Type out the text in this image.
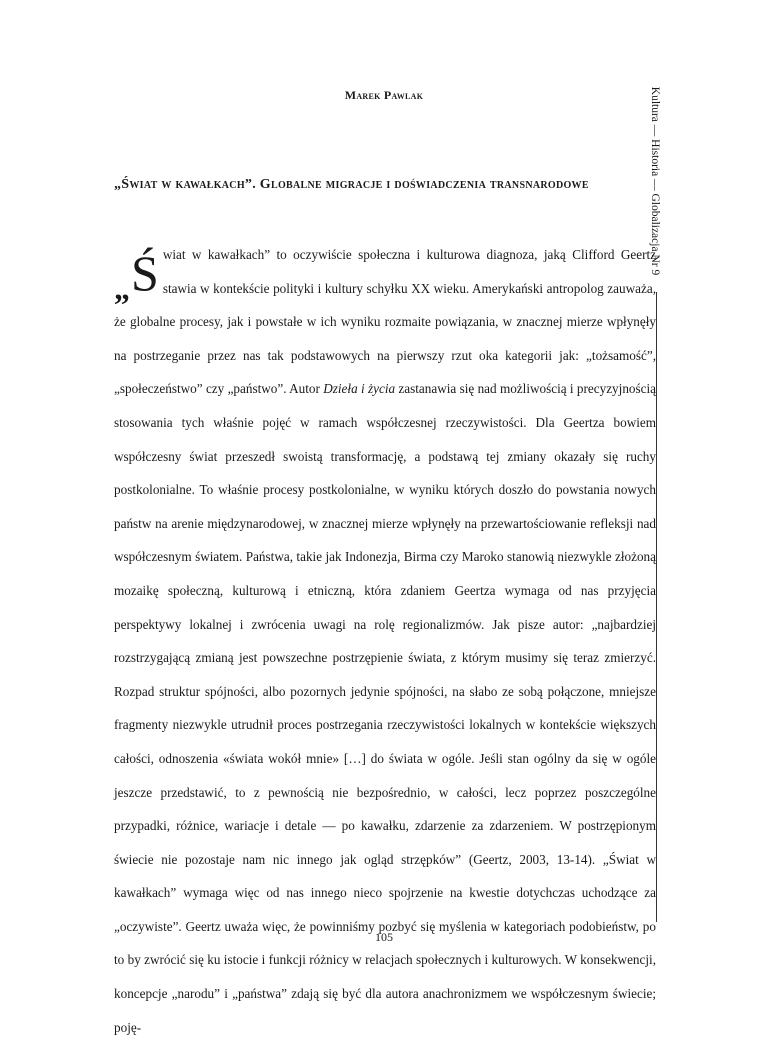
Marek Pawlak
„Świat w kawałkach”. Globalne migracje i doświadczenia transnarodowe
„ Ś wiat w kawałkach” to oczywiście społeczna i kulturowa diagnoza, jaką Clifford Geertz stawia w kontekście polityki i kultury schyłku XX wieku. Amerykański antropolog zauważa, że globalne procesy, jak i powstałe w ich wyniku rozmaite powiązania, w znacznej mierze wpłynęły na postrzeganie przez nas tak podstawowych na pierwszy rzut oka kategorii jak: „tożsamość”, „społeczeństwo” czy „państwo”. Autor Dzieła i życia zastanawia się nad możliwością i precyzyjnością stosowania tych właśnie pojęć w ramach współczesnej rzeczywistości. Dla Geertza bowiem współczesny świat przeszedł swoistą transformację, a podstawą tej zmiany okazały się ruchy postkolonialne. To właśnie procesy postkolonialne, w wyniku których doszło do powstania nowych państw na arenie międzynarodowej, w znacznej mierze wpłynęły na przewartościowanie refleksji nad współczesnym światem. Państwa, takie jak Indonezja, Birma czy Maroko stanowią niezwykle złożoną mozaikę społeczną, kulturową i etniczną, która zdaniem Geertza wymaga od nas przyjęcia perspektywy lokalnej i zwrócenia uwagi na rolę regionalizmów. Jak pisze autor: „najbardziej rozstrzygającą zmianą jest powszechne postrzępienie świata, z którym musimy się teraz zmierzyć. Rozpad struktur spójności, albo pozornych jedynie spójności, na słabo ze sobą połączone, mniejsze fragmenty niezwykle utrudnił proces postrzegania rzeczywistości lokalnych w kontekście większych całości, odnoszenia «świata wokół mnie» […] do świata w ogóle. Jeśli stan ogólny da się w ogóle jeszcze przedstawić, to z pewnością nie bezpośrednio, w całości, lecz poprzez poszczególne przypadki, różnice, wariacje i detale — po kawałku, zdarzenie za zdarzeniem. W postrzępionym świecie nie pozostaje nam nic innego jak ogląd strzępków” (Geertz, 2003, 13-14). „Świat w kawałkach” wymaga więc od nas innego nieco spojrzenie na kwestie dotychczas uchodzące za „oczywiste”. Geertz uważa więc, że powinniśmy pozbyć się myślenia w kategoriach podobieństw, po to by zwrócić się ku istocie i funkcji różnicy w relacjach społecznych i kulturowych. W konsekwencji, koncepcje „narodu” i „państwa” zdają się być dla autora anachronizmem we współczesnym świecie; poję-
Kultura — Historia — Globalizacja Nr 9
105
